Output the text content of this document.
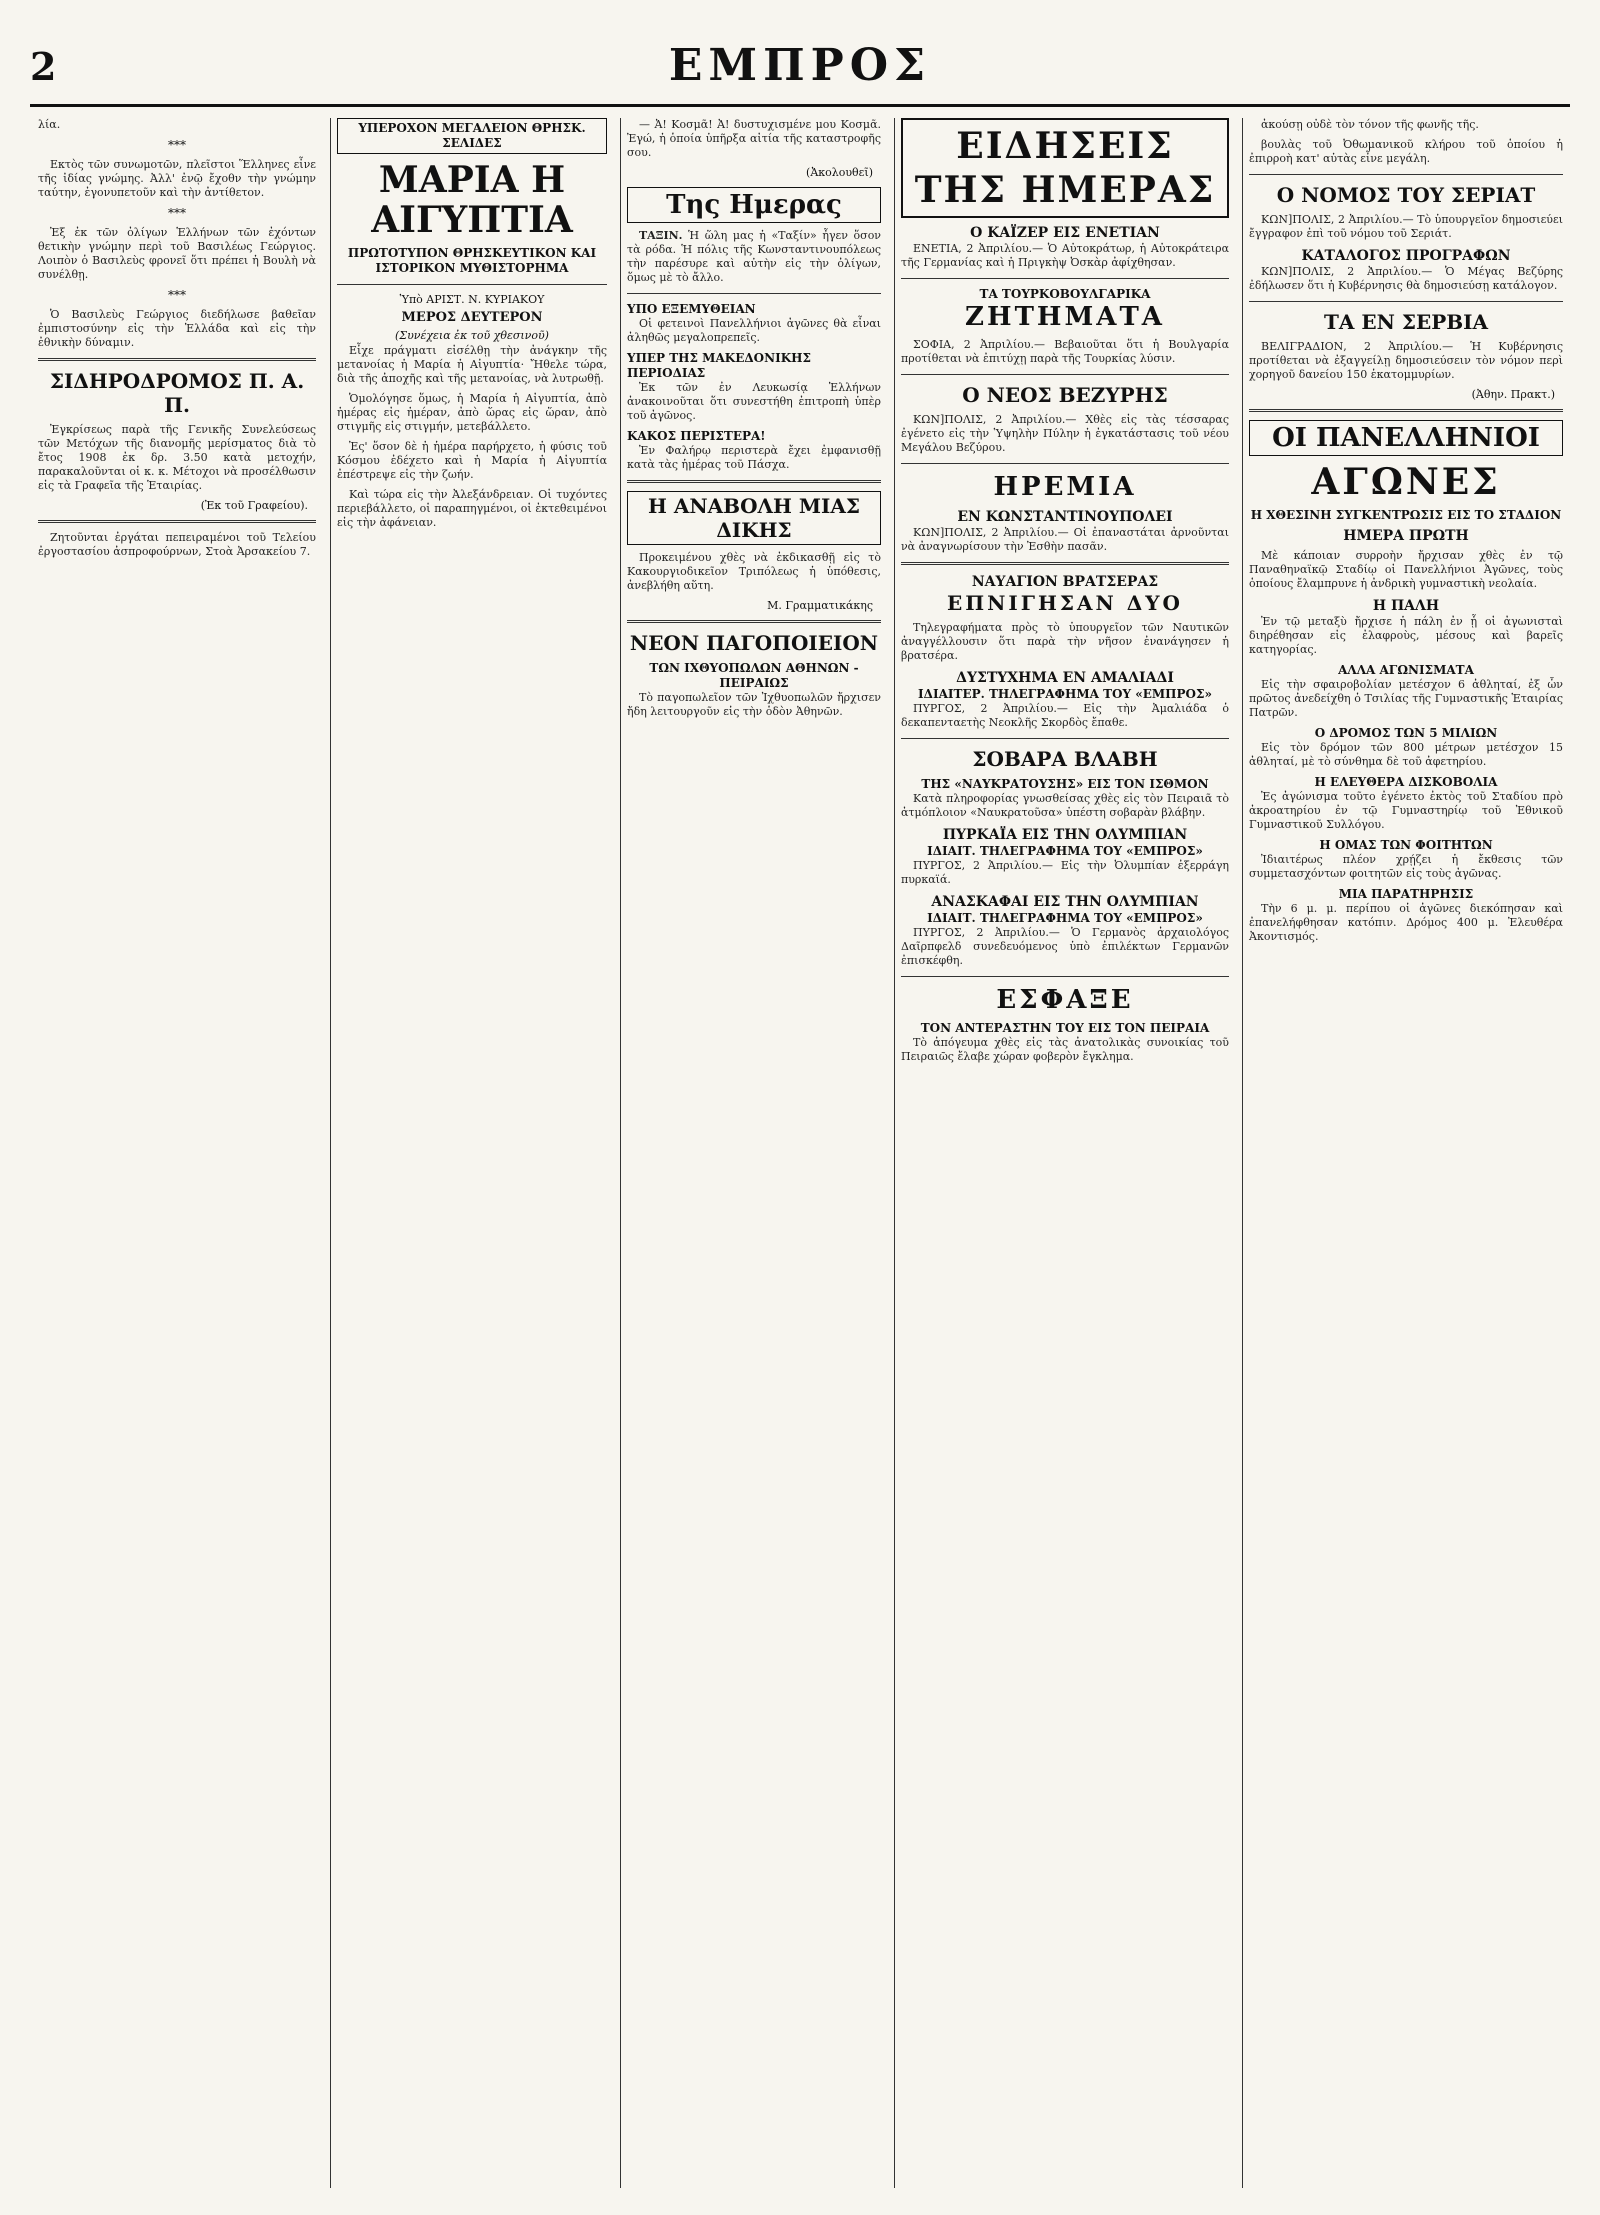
2	ΕΜΠΡΟΣ

λία.

***

Εκτὸς τῶν συνωμοτῶν, πλεῖστοι Ἕλληνες εἶνε τῆς ἰδίας γνώμης. Ἀλλ' ἐνῷ ἔχοθν τὴν γνώμην ταύτην, ἐγονυπετοῦν καὶ τὴν ἀντίθετον.

***

Ἐξ ἐκ τῶν ὀλίγων Ἑλλήνων τῶν ἐχόντων θετικὴν γνώμην περὶ τοῦ Βασιλέως Γεώργιος. Λοιπὸν ὁ Βασιλεὺς φρονεῖ ὅτι πρέπει ἡ Βουλὴ νὰ συνέλθῃ.

***

Ὁ Βασιλεὺς Γεώργιος διεδήλωσε βαθεῖαν ἐμπιστοσύνην εἰς τὴν Ἑλλάδα καὶ εἰς τὴν ἐθνικὴν δύναμιν.

ΣΙΔΗΡΟΔΡΟΜΟΣ Π. Α. Π.

Ἐγκρίσεως παρὰ τῆς Γενικῆς Συνελεύσεως τῶν Μετόχων τῆς διανομῆς μερίσματος διὰ τὸ ἔτος 1908 ἐκ δρ. 3.50 κατὰ μετοχήν, παρακαλοῦνται οἱ κ. κ. Μέτοχοι νὰ προσέλθωσιν εἰς τὰ Γραφεῖα τῆς Ἑταιρίας.

(Ἐκ τοῦ Γραφείου).

Ζητοῦνται ἐργάται πεπειραμένοι τοῦ Τελείου ἐργοστασίου ἀσπροφούρνων, Στοὰ Ἀρσακείου 7.

ΥΠΕΡΟΧΟΝ ΜΕΓΑΛΕΙΟΝ ΘΡΗΣΚ. ΣΕΛΙΔΕΣ
ΜΑΡΙΑ Η ΑΙΓΥΠΤΙΑ
ΠΡΩΤΟΤΥΠΟΝ ΘΡΗΣΚΕΥΤΙΚΟΝ ΚΑΙ ΙΣΤΟΡΙΚΟΝ ΜΥΘΙΣΤΟΡΗΜΑ
Ὑπὸ ΑΡΙΣΤ. Ν. ΚΥΡΙΑΚΟΥ
ΜΕΡΟΣ ΔΕΥΤΕΡΟΝ
(Συνέχεια ἐκ τοῦ χθεσινοῦ)

Εἶχε πράγματι εἰσέλθῃ τὴν ἀνάγκην τῆς μετανοίας ἡ Μαρία ἡ Αἰγυπτία· Ἤθελε τώρα, διὰ τῆς ἀποχῆς καὶ τῆς μετανοίας, νὰ λυτρωθῇ.

Ὁμολόγησε ὅμως, ἡ Μαρία ἡ Αἰγυπτία, ἀπὸ ἡμέρας εἰς ἡμέραν, ἀπὸ ὥρας εἰς ὥραν, ἀπὸ στιγμῆς εἰς στιγμήν, μετεβάλλετο.

Ἐς' ὅσον δὲ ἡ ἡμέρα παρήρχετο, ἡ φύσις τοῦ Κόσμου ἐδέχετο καὶ ἡ Μαρία ἡ Αἰγυπτία ἐπέστρεψε εἰς τὴν ζωήν.

Καὶ τώρα εἰς τὴν Ἀλεξάνδρειαν. Οἱ τυχόντες περιεβάλλετο, οἱ παραπηγμένοι, οἱ ἐκτεθειμένοι εἰς τὴν ἀφάνειαν.

— Ἀ! Κοσμᾶ! Ἀ! δυστυχισμένε μου Κοσμᾶ. Ἐγώ, ἡ ὁποία ὑπῆρξα αἰτία τῆς καταστροφῆς σου.

(Ἀκολουθεῖ)
Της Ημερας

ΤΑΞΙΝ. Ἡ ὥλη μας ἡ «Ταξίν» ἦγεν ὅσον τὰ ρόδα. Ἡ πόλις τῆς Κωνσταντινουπόλεως τὴν παρέσυρε καὶ αὐτὴν εἰς τὴν ὀλίγων, ὅμως μὲ τὸ ἄλλο.

ΥΠΟ ΕΞΕΜΥΘΕΙΑΝ

Οἱ φετεινοὶ Πανελλήνιοι ἀγῶνες θὰ εἶναι ἀληθῶς μεγαλοπρεπεῖς.

ΥΠΕΡ ΤΗΣ ΜΑΚΕΔΟΝΙΚΗΣ ΠΕΡΙΟΔΙΑΣ

Ἐκ τῶν ἐν Λευκωσίᾳ Ἑλλήνων ἀνακοινοῦται ὅτι συνεστήθη ἐπιτροπὴ ὑπὲρ τοῦ ἀγῶνος.

ΚΑΚΟΣ ΠΕΡΙΣΤΕΡΑ!

Ἐν Φαλήρῳ περιστερὰ ἔχει ἐμφανισθῇ κατὰ τὰς ἡμέρας τοῦ Πάσχα.

Η ΑΝΑΒΟΛΗ ΜΙΑΣ ΔΙΚΗΣ

Προκειμένου χθὲς νὰ ἐκδικασθῇ εἰς τὸ Κακουργιοδικεῖον Τριπόλεως ἡ ὑπόθεσις, ἀνεβλήθη αὕτη.

Μ. Γραμματικάκης
ΝΕΟΝ ΠΑΓΟΠΟΙΕΙΟΝ
ΤΩΝ ΙΧΘΥΟΠΩΛΩΝ ΑΘΗΝΩΝ - ΠΕΙΡΑΙΩΣ

Τὸ παγοπωλεῖον τῶν Ἰχθυοπωλῶν ἤρχισεν ἤδη λειτουργοῦν εἰς τὴν ὁδὸν Ἀθηνῶν.

ΕΙΔΗΣΕΙΣ ΤΗΣ ΗΜΕΡΑΣ
Ο ΚΑΪΖΕΡ ΕΙΣ ΕΝΕΤΙΑΝ

ΕΝΕΤΙΑ, 2 Ἀπριλίου.— Ὁ Αὐτοκράτωρ, ἡ Αὐτοκράτειρα τῆς Γερμανίας καὶ ἡ Πριγκὴψ Ὀσκὰρ ἀφίχθησαν.

ΤΑ ΤΟΥΡΚΟΒΟΥΛΓΑΡΙΚΑ
ΖΗΤΗΜΑΤΑ

ΣΟΦΙΑ, 2 Ἀπριλίου.— Βεβαιοῦται ὅτι ἡ Βουλγαρία προτίθεται νὰ ἐπιτύχῃ παρὰ τῆς Τουρκίας λύσιν.

Ο ΝΕΟΣ ΒΕΖΥΡΗΣ

ΚΩΝ]ΠΟΛΙΣ, 2 Ἀπριλίου.— Χθὲς εἰς τὰς τέσσαρας ἐγένετο εἰς τὴν Ὑψηλὴν Πύλην ἡ ἐγκατάστασις τοῦ νέου Μεγάλου Βεζύρου.

ΗΡΕΜΙΑ
ΕΝ ΚΩΝΣΤΑΝΤΙΝΟΥΠΟΛΕΙ

ΚΩΝ]ΠΟΛΙΣ, 2 Ἀπριλίου.— Οἱ ἐπαναστάται ἀρνοῦνται νὰ ἀναγνωρίσουν τὴν Ἐσθὴν πασᾶν.

ΝΑΥΑΓΙΟΝ ΒΡΑΤΣΕΡΑΣ
ΕΠΝΙΓΗΣΑΝ ΔΥΟ

Τηλεγραφήματα πρὸς τὸ ὑπουργεῖον τῶν Ναυτικῶν ἀναγγέλλουσιν ὅτι παρὰ τὴν νῆσον ἐνανάγησεν ἡ βρατσέρα.

ΔΥΣΤΥΧΗΜΑ ΕΝ ΑΜΑΛΙΑΔΙ
ΙΔΙΑΙΤΕΡ. ΤΗΛΕΓΡΑΦΗΜΑ ΤΟΥ «ΕΜΠΡΟΣ»

ΠΥΡΓΟΣ, 2 Ἀπριλίου.— Εἰς τὴν Ἀμαλιάδα ὁ δεκαπενταετὴς Νεοκλῆς Σκορδὸς ἔπαθε.

ΣΟΒΑΡΑ ΒΛΑΒΗ
ΤΗΣ «ΝΑΥΚΡΑΤΟΥΣΗΣ» ΕΙΣ ΤΟΝ ΙΣΘΜΟΝ

Κατὰ πληροφορίας γνωσθείσας χθὲς εἰς τὸν Πειραιᾶ τὸ ἀτμόπλοιον «Ναυκρατοῦσα» ὑπέστη σοβαρὰν βλάβην.

ΠΥΡΚΑΪΑ ΕΙΣ ΤΗΝ ΟΛΥΜΠΙΑΝ
ΙΔΙΑΙΤ. ΤΗΛΕΓΡΑΦΗΜΑ ΤΟΥ «ΕΜΠΡΟΣ»

ΠΥΡΓΟΣ, 2 Ἀπριλίου.— Εἰς τὴν Ὀλυμπίαν ἐξερράγη πυρκαϊά.

ΑΝΑΣΚΑΦΑΙ ΕΙΣ ΤΗΝ ΟΛΥΜΠΙΑΝ
ΙΔΙΑΙΤ. ΤΗΛΕΓΡΑΦΗΜΑ ΤΟΥ «ΕΜΠΡΟΣ»

ΠΥΡΓΟΣ, 2 Ἀπριλίου.— Ὁ Γερμανὸς ἀρχαιολόγος Δαῖρπφελδ συνεδευόμενος ὑπὸ ἐπιλέκτων Γερμανῶν ἐπισκέφθη.

ΕΣΦΑΞΕ
ΤΟΝ ΑΝΤΕΡΑΣΤΗΝ ΤΟΥ ΕΙΣ ΤΟΝ ΠΕΙΡΑΙΑ

Τὸ ἀπόγευμα χθὲς εἰς τὰς ἀνατολικὰς συνοικίας τοῦ Πειραιῶς ἔλαβε χώραν φοβερὸν ἔγκλημα.

ἀκούσῃ οὐδὲ τὸν τόνον τῆς φωνῆς τῆς.

βουλὰς τοῦ Ὀθωμανικοῦ κλήρου τοῦ ὁποίου ἡ ἐπιρροὴ κατ' αὐτὰς εἶνε μεγάλη.

Ο ΝΟΜΟΣ ΤΟΥ ΣΕΡΙΑΤ

ΚΩΝ]ΠΟΛΙΣ, 2 Ἀπριλίου.— Τὸ ὑπουργεῖον δημοσιεύει ἔγγραφον ἐπὶ τοῦ νόμου τοῦ Σεριάτ.

ΚΑΤΑΛΟΓΟΣ ΠΡΟΓΡΑΦΩΝ

ΚΩΝ]ΠΟΛΙΣ, 2 Ἀπριλίου.— Ὁ Μέγας Βεζύρης ἐδήλωσεν ὅτι ἡ Κυβέρνησις θὰ δημοσιεύσῃ κατάλογον.

ΤΑ ΕΝ ΣΕΡΒΙΑ

ΒΕΛΙΓΡΑΔΙΟΝ, 2 Ἀπριλίου.— Ἡ Κυβέρνησις προτίθεται νὰ ἐξαγγείλῃ δημοσιεύσειν τὸν νόμον περὶ χορηγοῦ δανείου 150 ἑκατομμυρίων.

(Ἀθην. Πρακτ.)
ΟΙ ΠΑΝΕΛΛΗΝΙΟΙ
ΑΓΩΝΕΣ
Η ΧΘΕΣΙΝΗ ΣΥΓΚΕΝΤΡΩΣΙΣ ΕΙΣ ΤΟ ΣΤΑΔΙΟΝ
ΗΜΕΡΑ ΠΡΩΤΗ

Μὲ κάποιαν συρροὴν ἤρχισαν χθὲς ἐν τῷ Παναθηναϊκῷ Σταδίῳ οἱ Πανελλήνιοι Ἀγῶνες, τοὺς ὁποίους ἔλαμπρυνε ἡ ἀνδρικὴ γυμναστικὴ νεολαία.

Η ΠΑΛΗ

Ἐν τῷ μεταξὺ ἤρχισε ἡ πάλη ἐν ᾗ οἱ ἀγωνισταὶ διηρέθησαν εἰς ἐλαφροὺς, μέσους καὶ βαρεῖς κατηγορίας.

ΑΛΛΑ ΑΓΩΝΙΣΜΑΤΑ

Εἰς τὴν σφαιροβολίαν μετέσχον 6 ἀθληταί, ἐξ ὧν πρῶτος ἀνεδείχθη ὁ Τσιλίας τῆς Γυμναστικῆς Ἑταιρίας Πατρῶν.

Ο ΔΡΟΜΟΣ ΤΩΝ 5 ΜΙΛΙΩΝ

Εἰς τὸν δρόμον τῶν 800 μέτρων μετέσχον 15 ἀθληταί, μὲ τὸ σύνθημα δὲ τοῦ ἀφετηρίου.

Η ΕΛΕΥΘΕΡΑ ΔΙΣΚΟΒΟΛΙΑ

Ἐς ἀγώνισμα τοῦτο ἐγένετο ἐκτὸς τοῦ Σταδίου πρὸ ἀκροατηρίου ἐν τῷ Γυμναστηρίῳ τοῦ Ἐθνικοῦ Γυμναστικοῦ Συλλόγου.

Η ΟΜΑΣ ΤΩΝ ΦΟΙΤΗΤΩΝ

Ἰδιαιτέρως πλέον χρῄζει ἡ ἔκθεσις τῶν συμμετασχόντων φοιτητῶν εἰς τοὺς ἀγῶνας.

ΜΙΑ ΠΑΡΑΤΗΡΗΣΙΣ

Τὴν 6 μ. μ. περίπου οἱ ἀγῶνες διεκόπησαν καὶ ἐπανελήφθησαν κατόπιν. Δρόμος 400 μ. Ἐλευθέρα Ἀκοντισμός.
